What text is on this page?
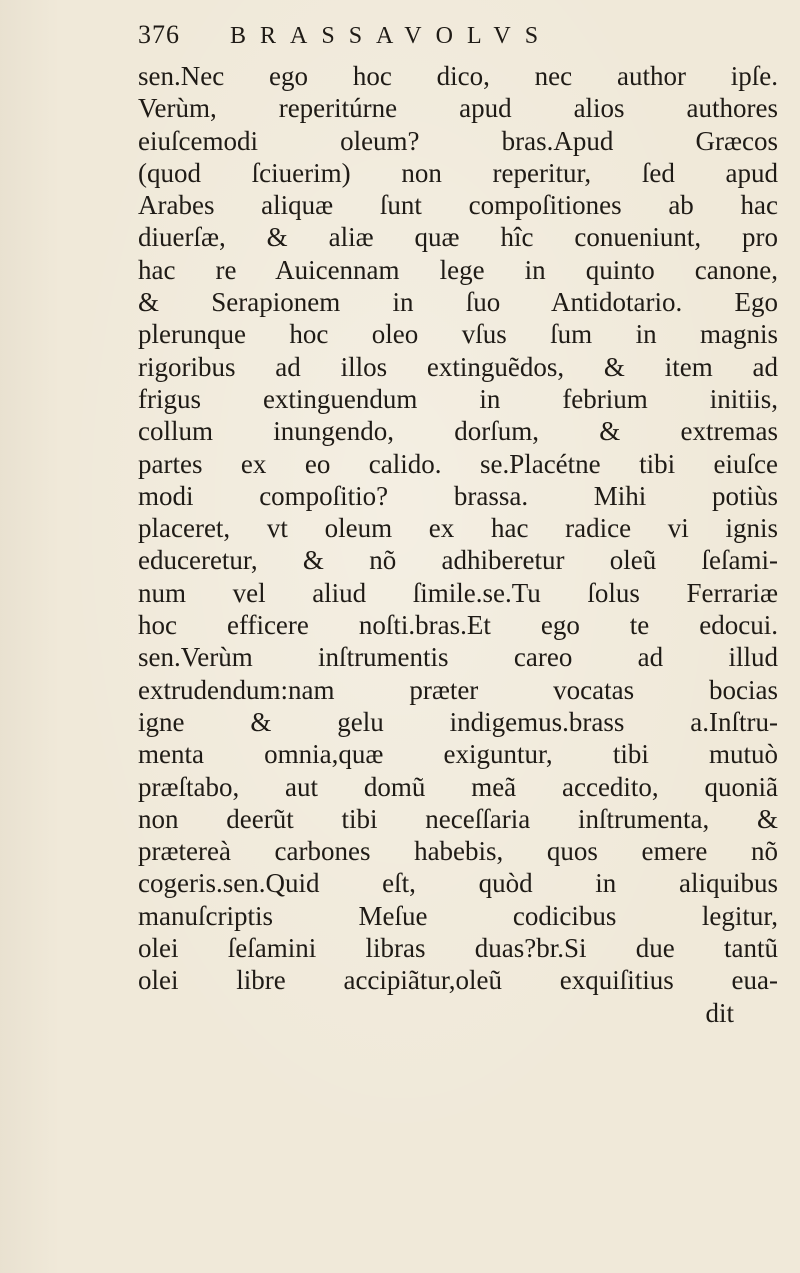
376 BRASSAVOLVS
sen.Nec ego hoc dico, nec author ipſe.
Verùm, reperitúrne apud alios authores
eiuſcemodi oleum? bras.Apud Græcos
(quod ſciuerim) non reperitur, ſed apud
Arabes aliquæ ſunt compoſitiones ab hac
diuerſæ, & aliæ quæ hîc conueniunt, pro
hac re Auicennam lege in quinto canone,
& Serapionem in ſuo Antidotario. Ego
plerunque hoc oleo vſus ſum in magnis
rigoribus ad illos extinguẽdos, & item ad
frigus extinguendum in febrium initiis,
collum inungendo, dorſum, & extremas
partes ex eo calido. se.Placétne tibi eiuſce
modi compoſitio? brassa. Mihi potiùs
placeret, vt oleum ex hac radice vi ignis
educeretur, & nõ adhiberetur oleũ ſeſami-
num vel aliud ſimile.se.Tu ſolus Ferrariæ
hoc efficere noſti.bras.Et ego te edocui.
sen.Verùm inſtrumentis careo ad illud
extrudendum:nam præter vocatas bocias
igne & gelu indigemus.brass a.Inſtru-
menta omnia,quæ exiguntur, tibi mutuò
præſtabo, aut domũ meã accedito, quoniã
non deerũt tibi neceſſaria inſtrumenta, &
prætereà carbones habebis, quos emere nõ
cogeris.sen.Quid eſt, quòd in aliquibus
manuſcriptis Meſue codicibus legitur,
olei ſeſamini libras duas?br.Si due tantũ
olei libre accipiãtur,oleũ exquiſitius eua-
dit
